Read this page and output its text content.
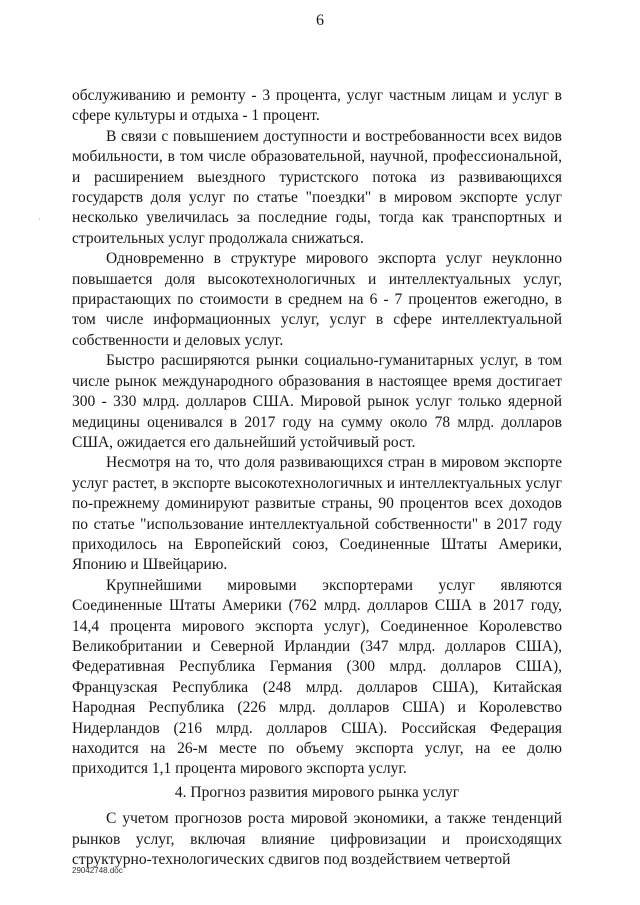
6
·

обслуживанию и ремонту - 3 процента, услуг частным лицам и услуг в сфере культуры и отдыха - 1 процент.

В связи с повышением доступности и востребованности всех видов мобильности, в том числе образовательной, научной, профессиональной, и расширением выездного туристского потока из развивающихся государств доля услуг по статье "поездки" в мировом экспорте услуг несколько увеличилась за последние годы, тогда как транспортных и строительных услуг продолжала снижаться.

Одновременно в структуре мирового экспорта услуг неуклонно повышается доля высокотехнологичных и интеллектуальных услуг, прирастающих по стоимости в среднем на 6 - 7 процентов ежегодно, в том числе информационных услуг, услуг в сфере интеллектуальной собственности и деловых услуг.

Быстро расширяются рынки социально-гуманитарных услуг, в том числе рынок международного образования в настоящее время достигает 300 - 330 млрд. долларов США. Мировой рынок услуг только ядерной медицины оценивался в 2017 году на сумму около 78 млрд. долларов США, ожидается его дальнейший устойчивый рост.

Несмотря на то, что доля развивающихся стран в мировом экспорте услуг растет, в экспорте высокотехнологичных и интеллектуальных услуг по-прежнему доминируют развитые страны, 90 процентов всех доходов по статье "использование интеллектуальной собственности" в 2017 году приходилось на Европейский союз, Соединенные Штаты Америки, Японию и Швейцарию.

Крупнейшими мировыми экспортерами услуг являются Соединенные Штаты Америки (762 млрд. долларов США в 2017 году, 14,4 процента мирового экспорта услуг), Соединенное Королевство Великобритании и Северной Ирландии (347 млрд. долларов США), Федеративная Республика Германия (300 млрд. долларов США), Французская Республика (248 млрд. долларов США), Китайская Народная Республика (226 млрд. долларов США) и Королевство Нидерландов (216 млрд. долларов США). Российская Федерация находится на 26-м месте по объему экспорта услуг, на ее долю приходится 1,1 процента мирового экспорта услуг.

4. Прогноз развития мирового рынка услуг

С учетом прогнозов роста мировой экономики, а также тенденций рынков услуг, включая влияние цифровизации и происходящих структурно-технологических сдвигов под воздействием четвертой

29042748.doc
